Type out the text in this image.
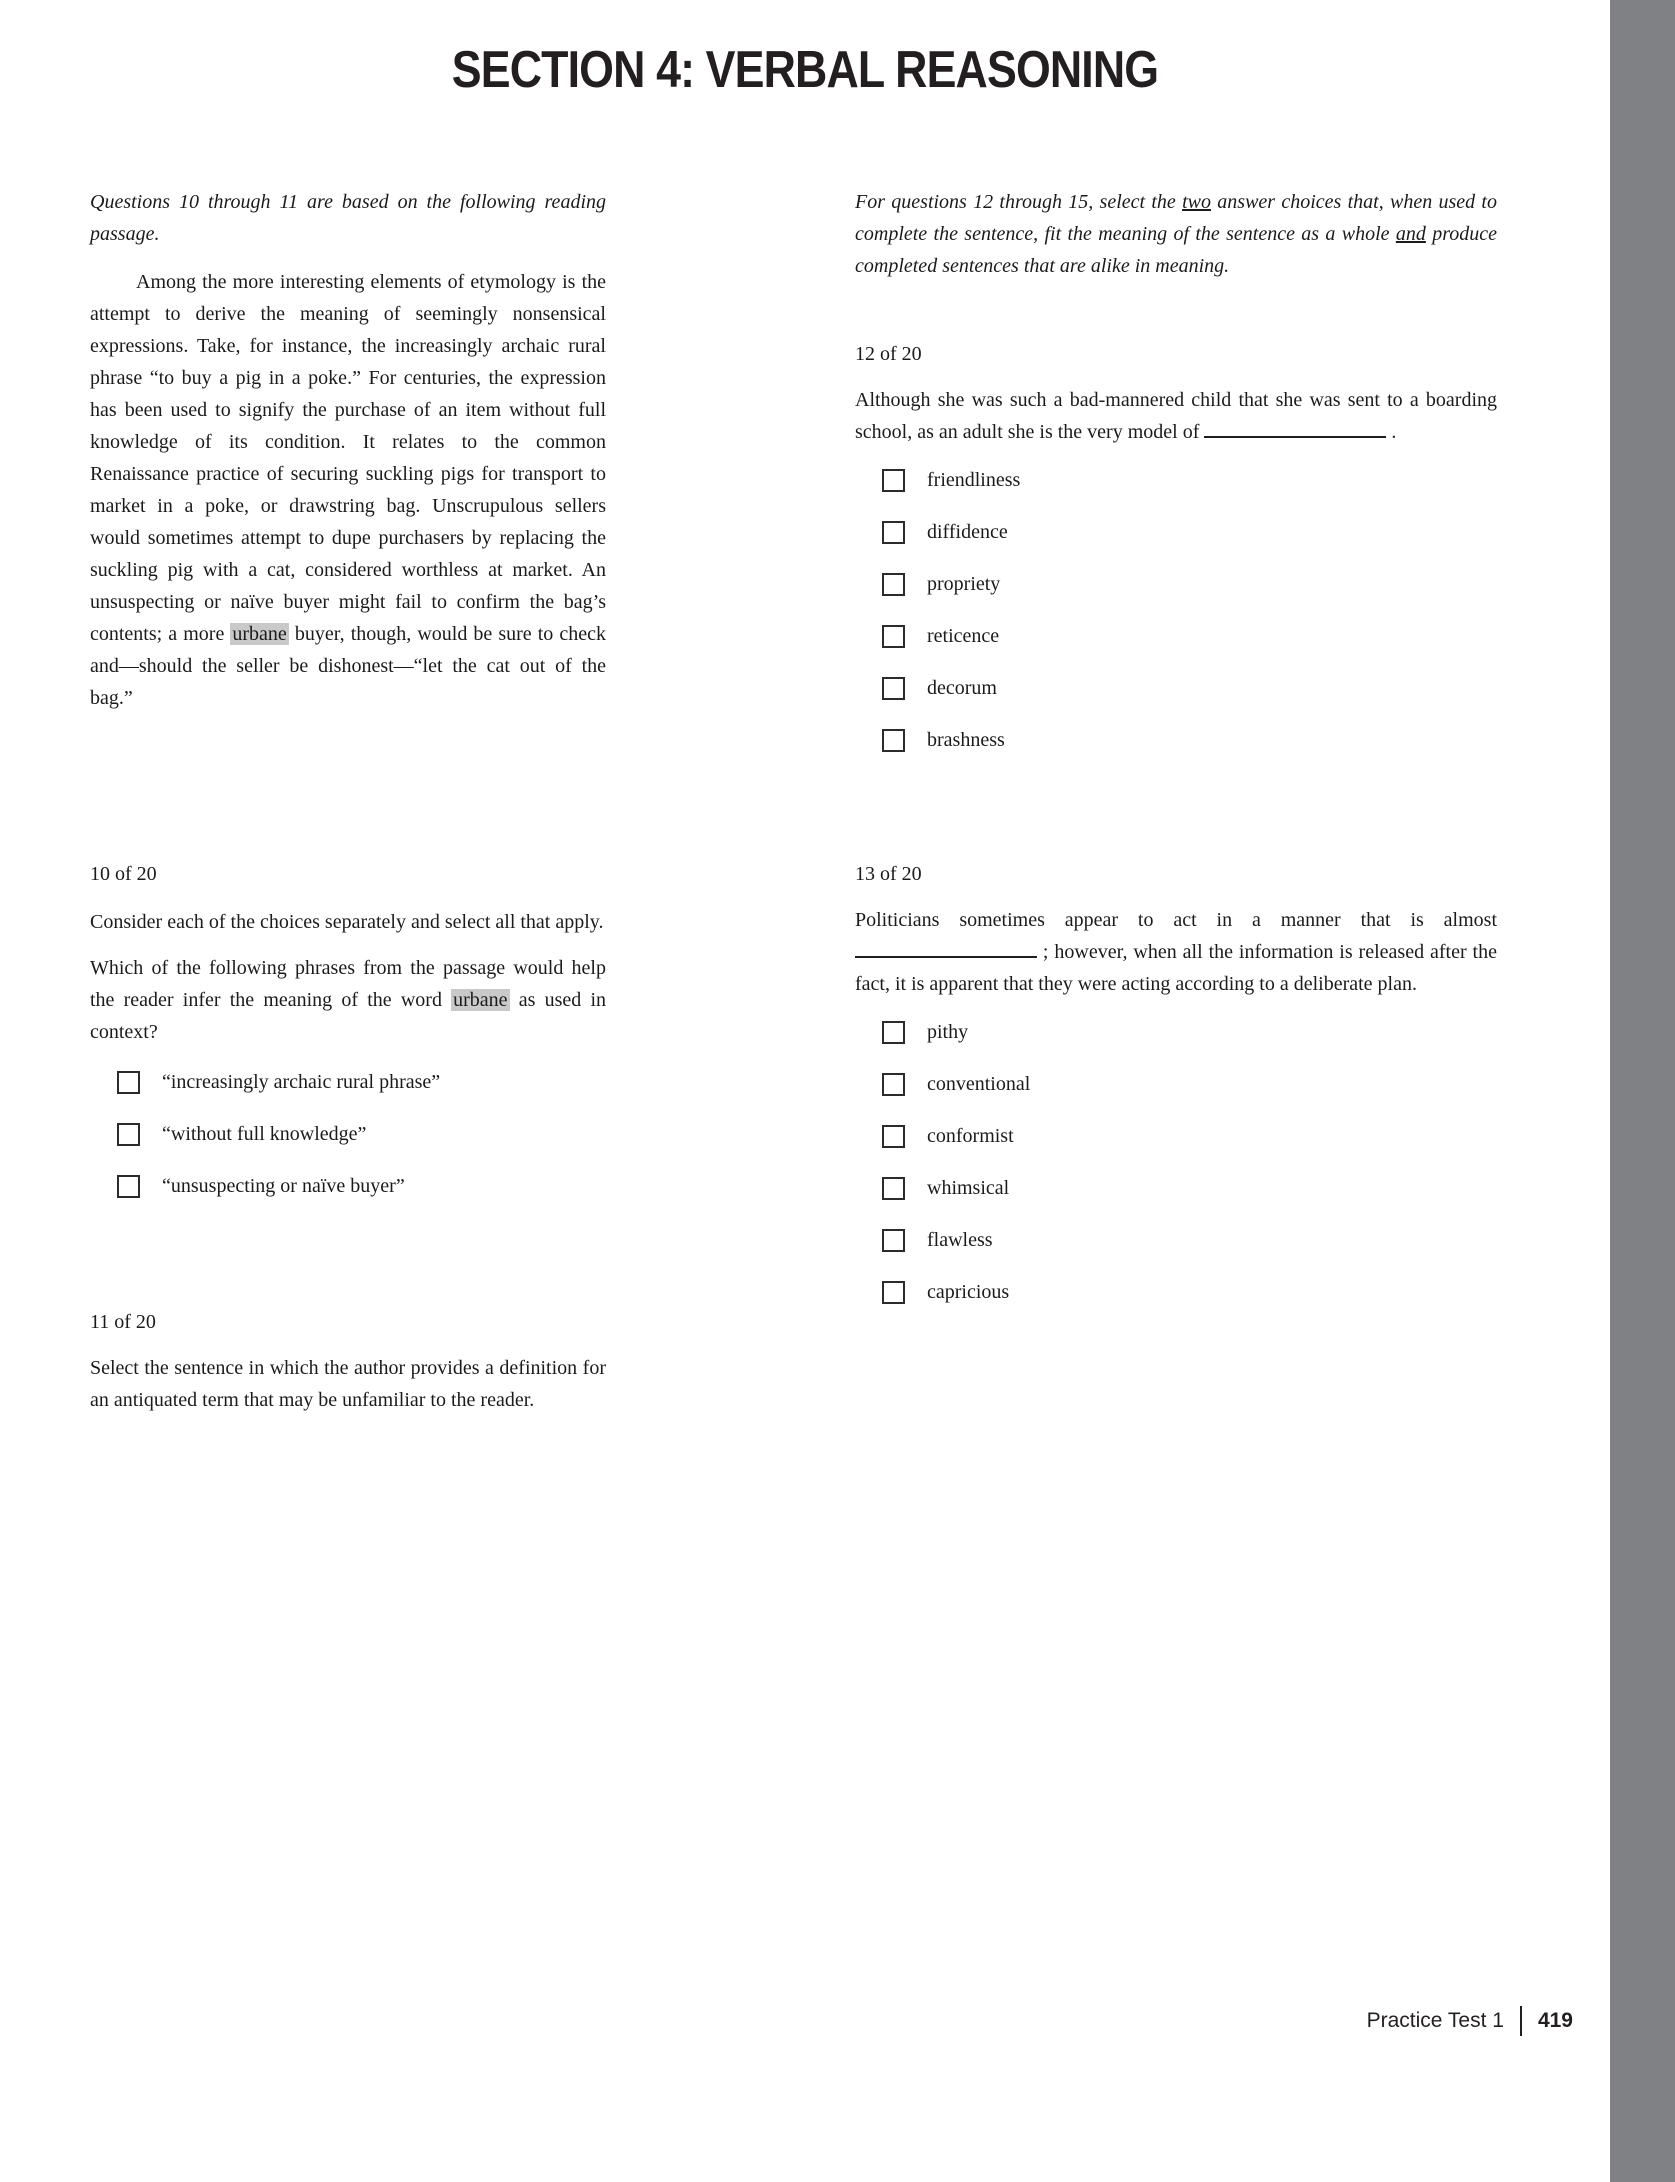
SECTION 4: VERBAL REASONING
Questions 10 through 11 are based on the following reading passage.
Among the more interesting elements of etymology is the attempt to derive the meaning of seemingly nonsensical expressions. Take, for instance, the increasingly archaic rural phrase “to buy a pig in a poke.” For centuries, the expression has been used to signify the purchase of an item without full knowledge of its condition. It relates to the common Renaissance practice of securing suckling pigs for transport to market in a poke, or drawstring bag. Unscrupulous sellers would sometimes attempt to dupe purchasers by replacing the suckling pig with a cat, considered worthless at market. An unsuspecting or naïve buyer might fail to confirm the bag’s contents; a more urbane buyer, though, would be sure to check and—should the seller be dishonest—“let the cat out of the bag.”
10 of 20
Consider each of the choices separately and select all that apply.
Which of the following phrases from the passage would help the reader infer the meaning of the word urbane as used in context?
“increasingly archaic rural phrase”
“without full knowledge”
“unsuspecting or naïve buyer”
11 of 20
Select the sentence in which the author provides a definition for an antiquated term that may be unfamiliar to the reader.
For questions 12 through 15, select the two answer choices that, when used to complete the sentence, fit the meaning of the sentence as a whole and produce completed sentences that are alike in meaning.
12 of 20
Although she was such a bad-mannered child that she was sent to a boarding school, as an adult she is the very model of	.
friendliness
diffidence
propriety
reticence
decorum
brashness
13 of 20
Politicians sometimes appear to act in a manner that is almost  ; however, when all the information is released after the fact, it is apparent that they were acting according to a deliberate plan.
pithy
conventional
conformist
whimsical
flawless
capricious
Practice Test 1 419
